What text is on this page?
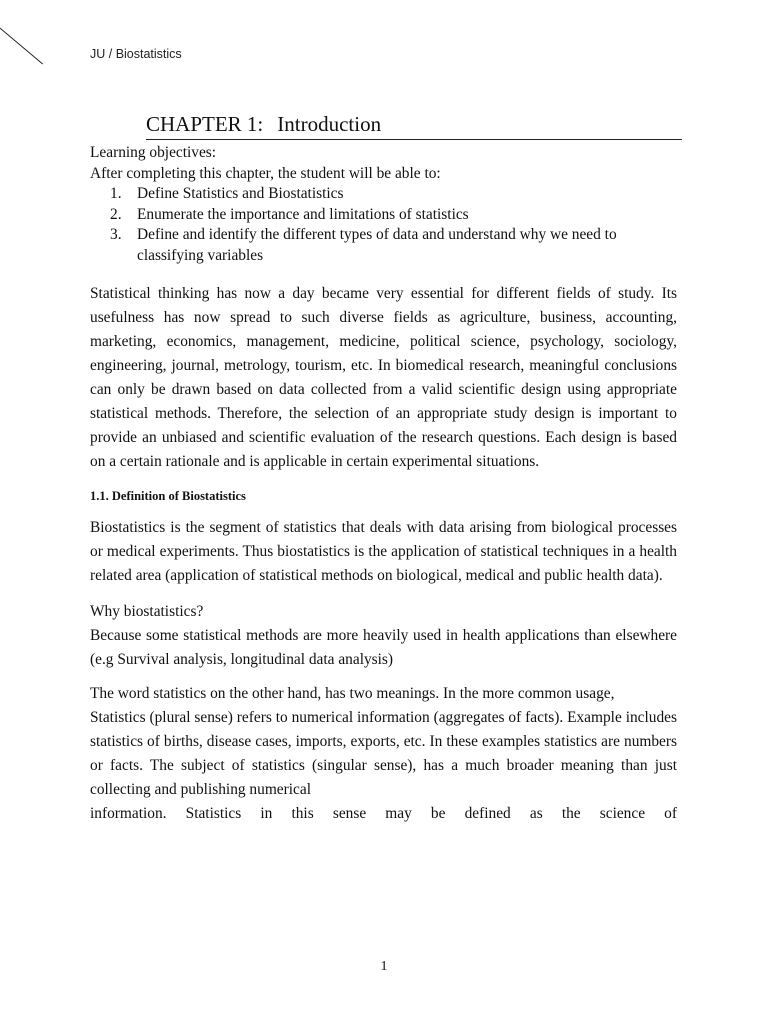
JU / Biostatistics
CHAPTER 1: Introduction
Learning objectives:
After completing this chapter, the student will be able to:
1. Define Statistics and Biostatistics
2. Enumerate the importance and limitations of statistics
3. Define and identify the different types of data and understand why we need to classifying variables
Statistical thinking has now a day became very essential for different fields of study. Its usefulness has now spread to such diverse fields as agriculture, business, accounting, marketing, economics, management, medicine, political science, psychology, sociology, engineering, journal, metrology, tourism, etc. In biomedical research, meaningful conclusions can only be drawn based on data collected from a valid scientific design using appropriate statistical methods. Therefore, the selection of an appropriate study design is important to provide an unbiased and scientific evaluation of the research questions. Each design is based on a certain rationale and is applicable in certain experimental situations.
1.1. Definition of Biostatistics
Biostatistics is the segment of statistics that deals with data arising from biological processes or medical experiments. Thus biostatistics is the application of statistical techniques in a health related area (application of statistical methods on biological, medical and public health data).
Why biostatistics?
Because some statistical methods are more heavily used in health applications than elsewhere (e.g Survival analysis, longitudinal data analysis)
The word statistics on the other hand, has two meanings. In the more common usage,
Statistics (plural sense) refers to numerical information (aggregates of facts). Example includes statistics of births, disease cases, imports, exports, etc. In these examples statistics are numbers or facts. The subject of statistics (singular sense), has a much broader meaning than just collecting and publishing numerical
information. Statistics in this sense may be defined as the science of
1
